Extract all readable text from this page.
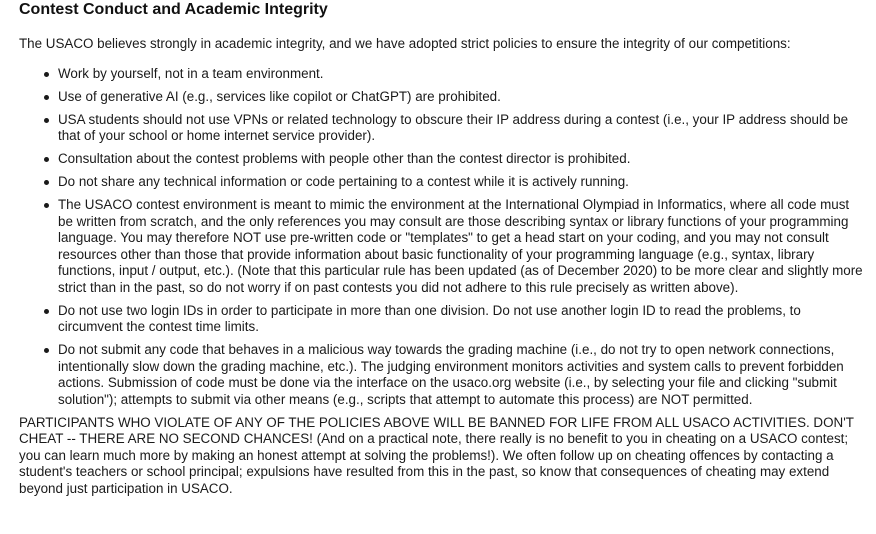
Contest Conduct and Academic Integrity

The USACO believes strongly in academic integrity, and we have adopted strict policies to ensure the integrity of our competitions:

Work by yourself, not in a team environment.
Use of generative AI (e.g., services like copilot or ChatGPT) are prohibited.
USA students should not use VPNs or related technology to obscure their IP address during a contest (i.e., your IP address should be that of your school or home internet service provider).
Consultation about the contest problems with people other than the contest director is prohibited.
Do not share any technical information or code pertaining to a contest while it is actively running.
The USACO contest environment is meant to mimic the environment at the International Olympiad in Informatics, where all code must be written from scratch, and the only references you may consult are those describing syntax or library functions of your programming language. You may therefore NOT use pre-written code or "templates" to get a head start on your coding, and you may not consult resources other than those that provide information about basic functionality of your programming language (e.g., syntax, library functions, input / output, etc.). (Note that this particular rule has been updated (as of December 2020) to be more clear and slightly more strict than in the past, so do not worry if on past contests you did not adhere to this rule precisely as written above).
Do not use two login IDs in order to participate in more than one division. Do not use another login ID to read the problems, to circumvent the contest time limits.
Do not submit any code that behaves in a malicious way towards the grading machine (i.e., do not try to open network connections, intentionally slow down the grading machine, etc.). The judging environment monitors activities and system calls to prevent forbidden actions. Submission of code must be done via the interface on the usaco.org website (i.e., by selecting your file and clicking "submit solution"); attempts to submit via other means (e.g., scripts that attempt to automate this process) are NOT permitted.

PARTICIPANTS WHO VIOLATE OF ANY OF THE POLICIES ABOVE WILL BE BANNED FOR LIFE FROM ALL USACO ACTIVITIES. DON'T CHEAT -- THERE ARE NO SECOND CHANCES! (And on a practical note, there really is no benefit to you in cheating on a USACO contest; you can learn much more by making an honest attempt at solving the problems!). We often follow up on cheating offences by contacting a student's teachers or school principal; expulsions have resulted from this in the past, so know that consequences of cheating may extend beyond just participation in USACO.
